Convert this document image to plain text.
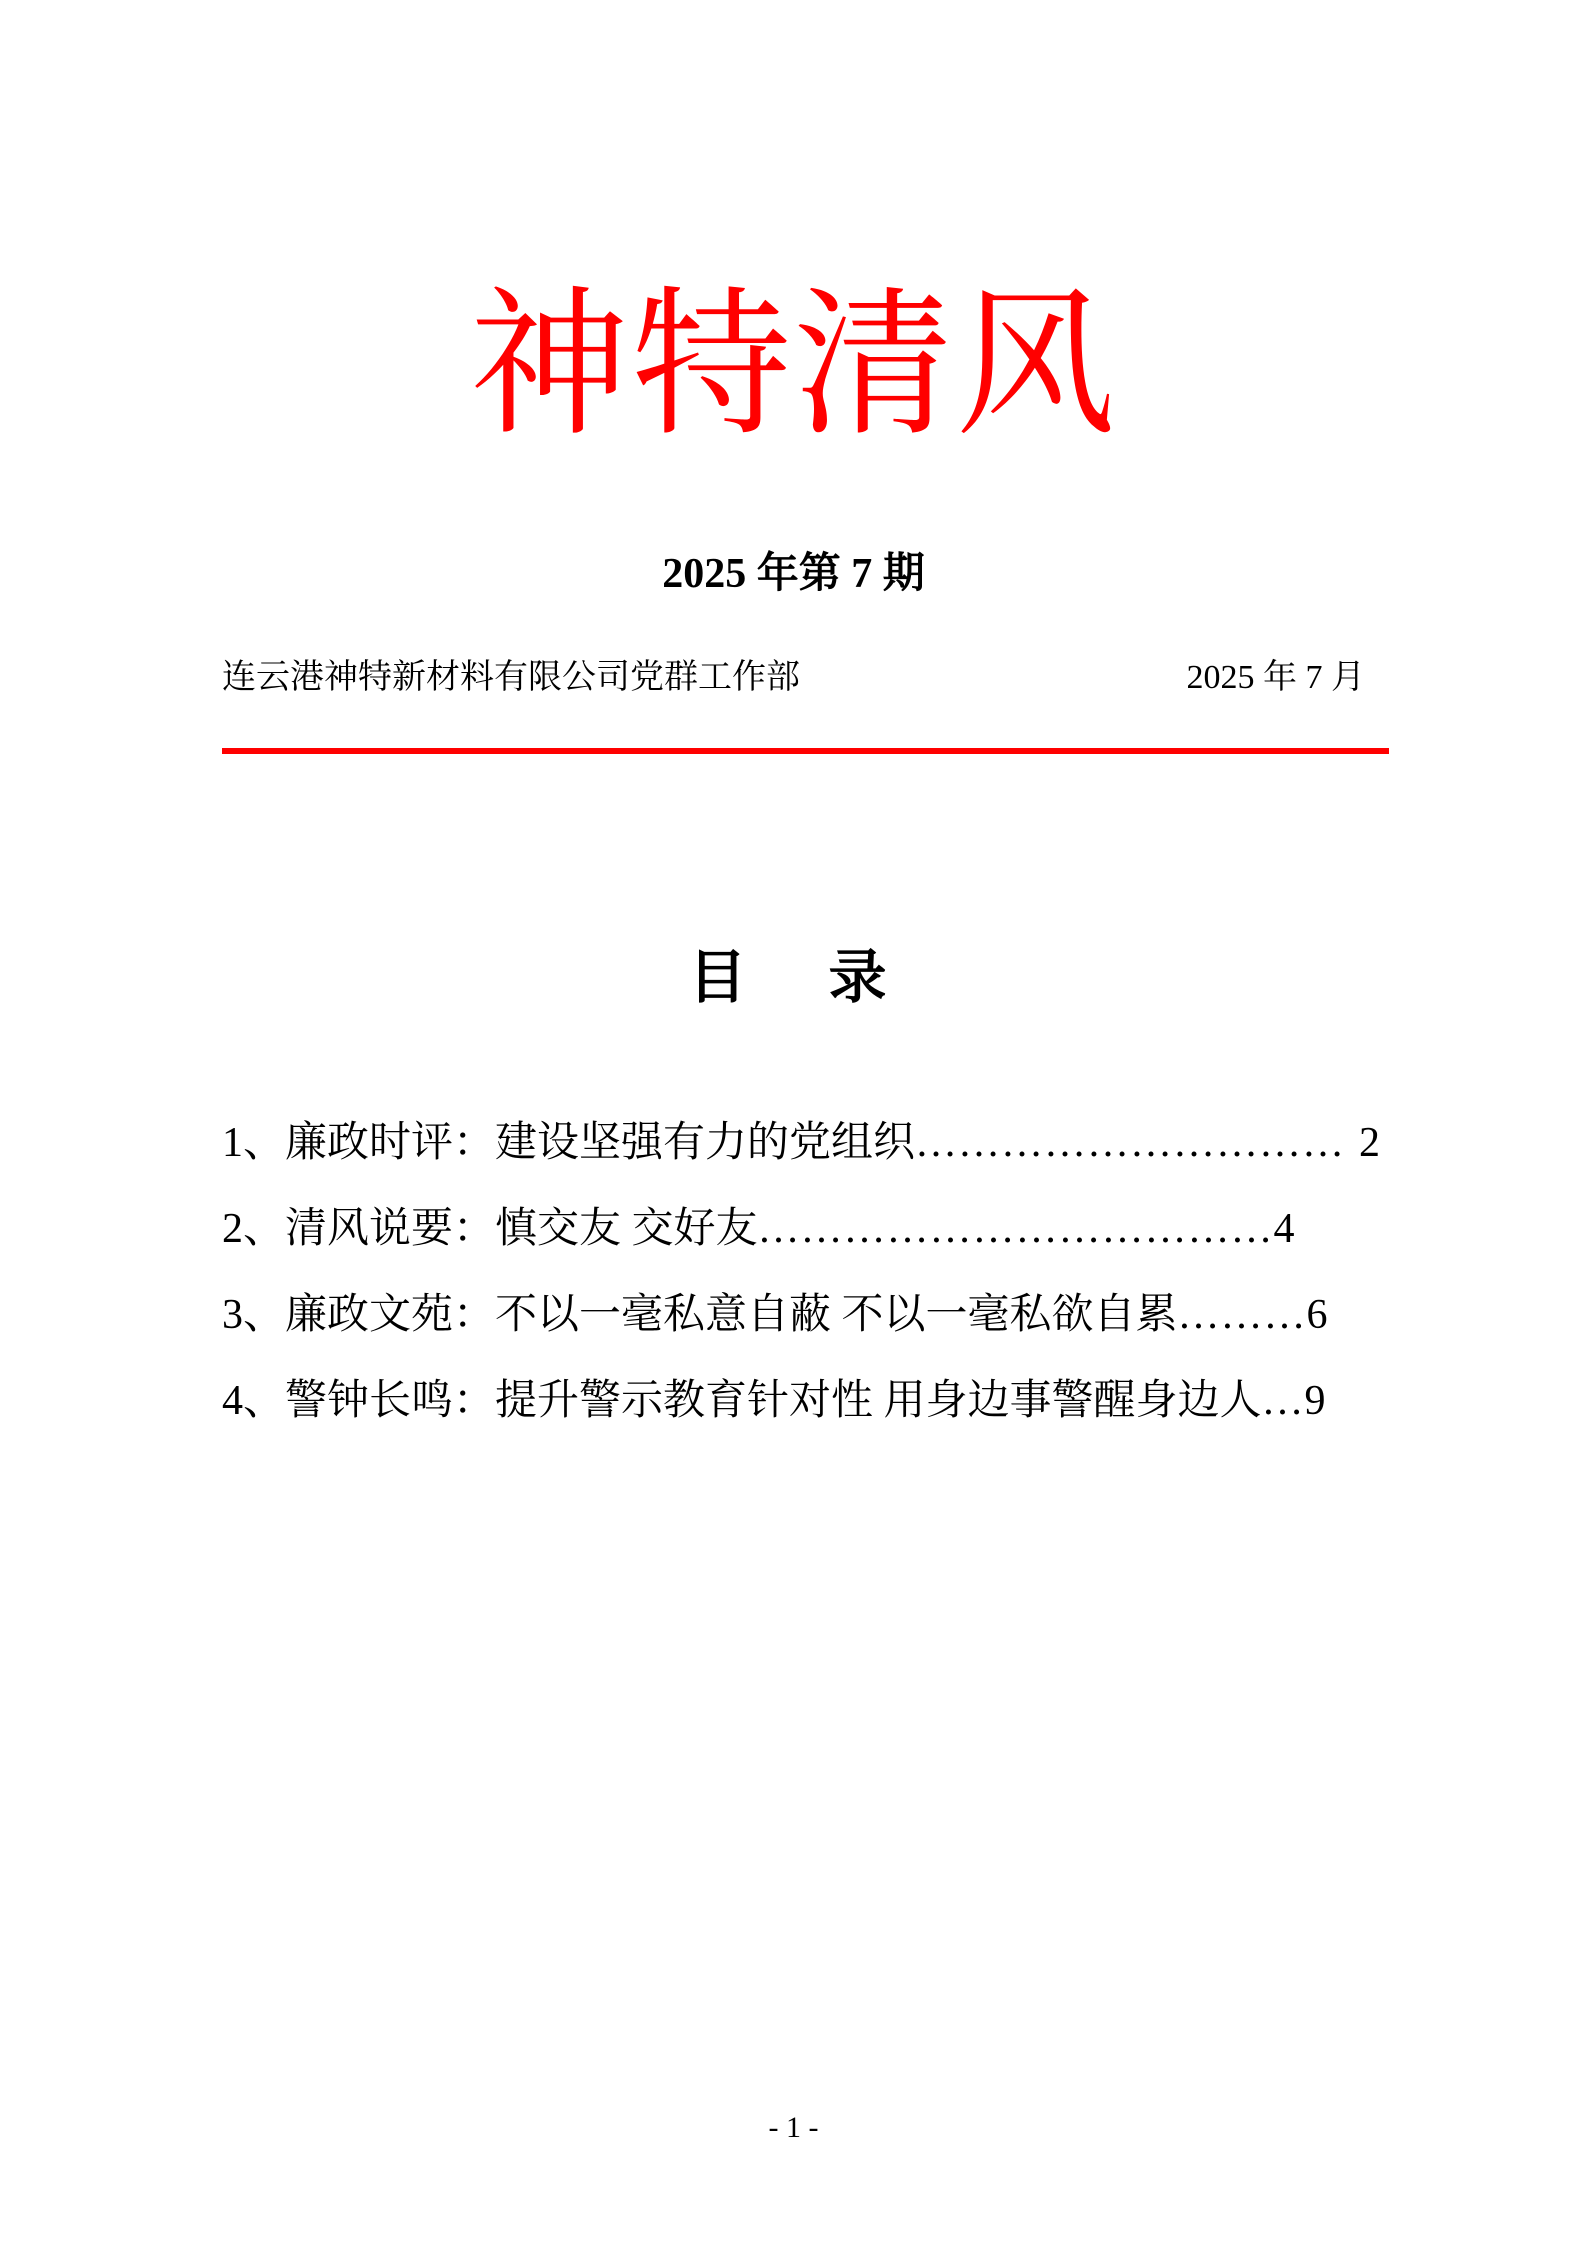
神特清风
2025 年第 7 期
连云港神特新材料有限公司党群工作部	2025 年 7 月
目　录
1、廉政时评：建设坚强有力的党组织………………………… 2
2、清风说要：慎交友 交好友………………………………4
3、廉政文苑：不以一毫私意自蔽 不以一毫私欲自累………6
4、警钟长鸣：提升警示教育针对性 用身边事警醒身边人…9
- 1 -
